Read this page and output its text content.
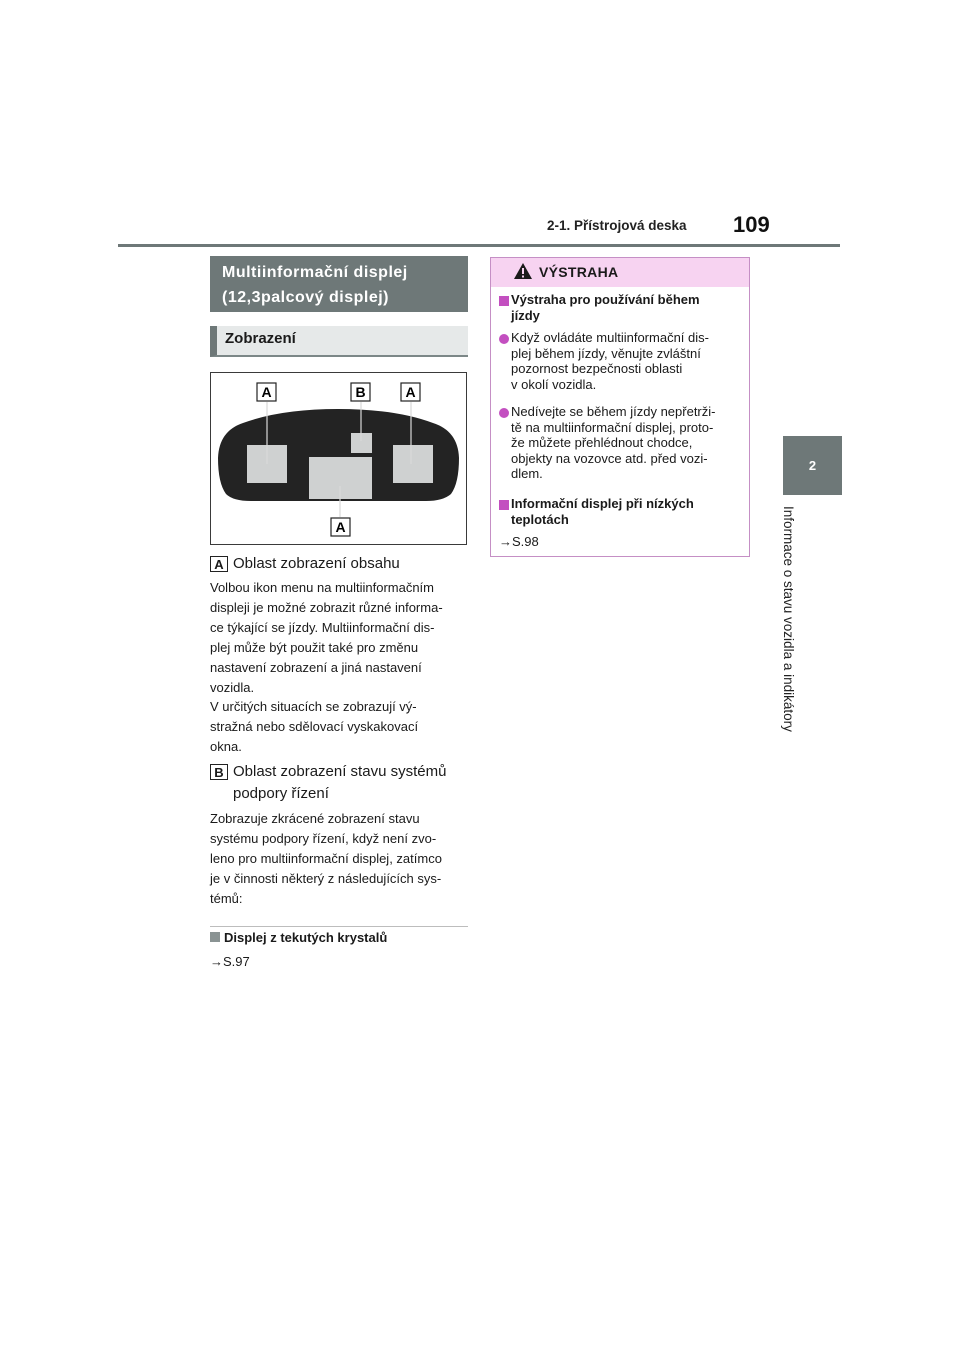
2-1. Přístrojová deska 109
2
Informace o stavu vozidla a indikátory
Multiinformační displej
(12,3palcový displej)
Zobrazení
A	B	A
A
A Oblast zobrazení obsahu
Volbou ikon menu na multiinformačním
displeji je možné zobrazit různé informa-
ce týkající se jízdy. Multiinformační dis-
plej může být použit také pro změnu
nastavení zobrazení a jiná nastavení
vozidla.
V určitých situacích se zobrazují vý-
stražná nebo sdělovací vyskakovací
okna.
B Oblast zobrazení stavu systémů
podpory řízení
Zobrazuje zkrácené zobrazení stavu
systému podpory řízení, když není zvo-
leno pro multiinformační displej, zatímco
je v činnosti některý z následujících sys-
témů:
Displej z tekutých krystalů
→S.97
VÝSTRAHA
Výstraha pro používání během
jízdy
Když ovládáte multiinformační dis-
plej během jízdy, věnujte zvláštní
pozornost bezpečnosti oblasti
v okolí vozidla.
Nedívejte se během jízdy nepřetrži-
tě na multiinformační displej, proto-
že můžete přehlédnout chodce,
objekty na vozovce atd. před vozi-
dlem.
Informační displej při nízkých
teplotách
→S.98
